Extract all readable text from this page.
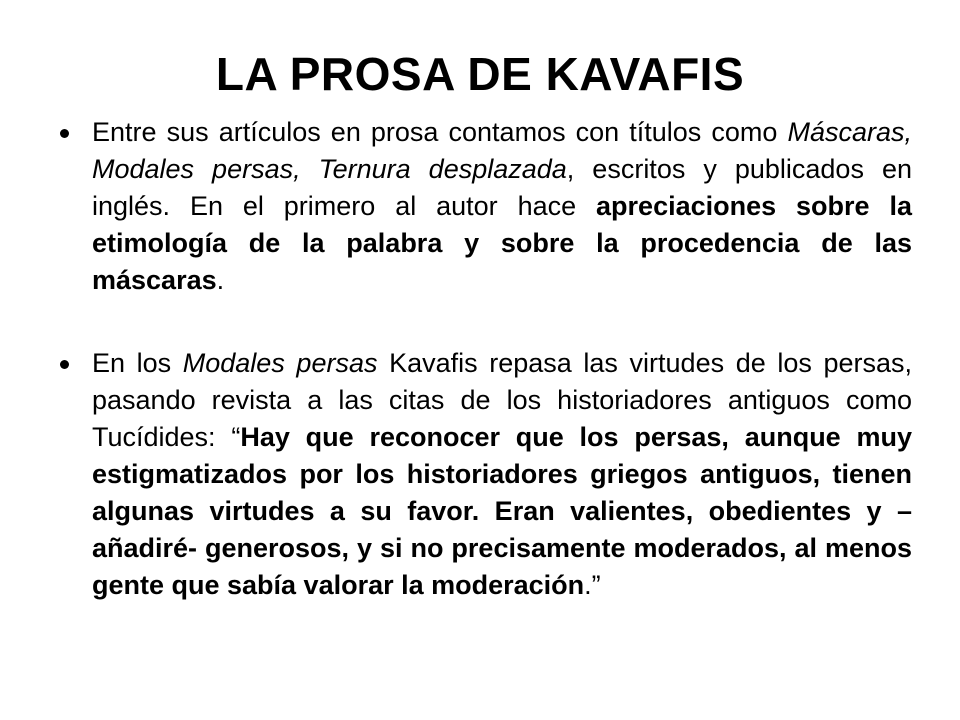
LA PROSA DE KAVAFIS
Entre sus artículos en prosa contamos con títulos como Máscaras, Modales persas, Ternura desplazada, escritos y publicados en inglés. En el primero al autor hace apreciaciones sobre la etimología de la palabra y sobre la procedencia de las máscaras.
En los Modales persas Kavafis repasa las virtudes de los persas, pasando revista a las citas de los historiadores antiguos como Tucídides: “Hay que reconocer que los persas, aunque muy estigmatizados por los historiadores griegos antiguos, tienen algunas virtudes a su favor. Eran valientes, obedientes y –añadiré- generosos, y si no precisamente moderados, al menos gente que sabía valorar la moderación.”
